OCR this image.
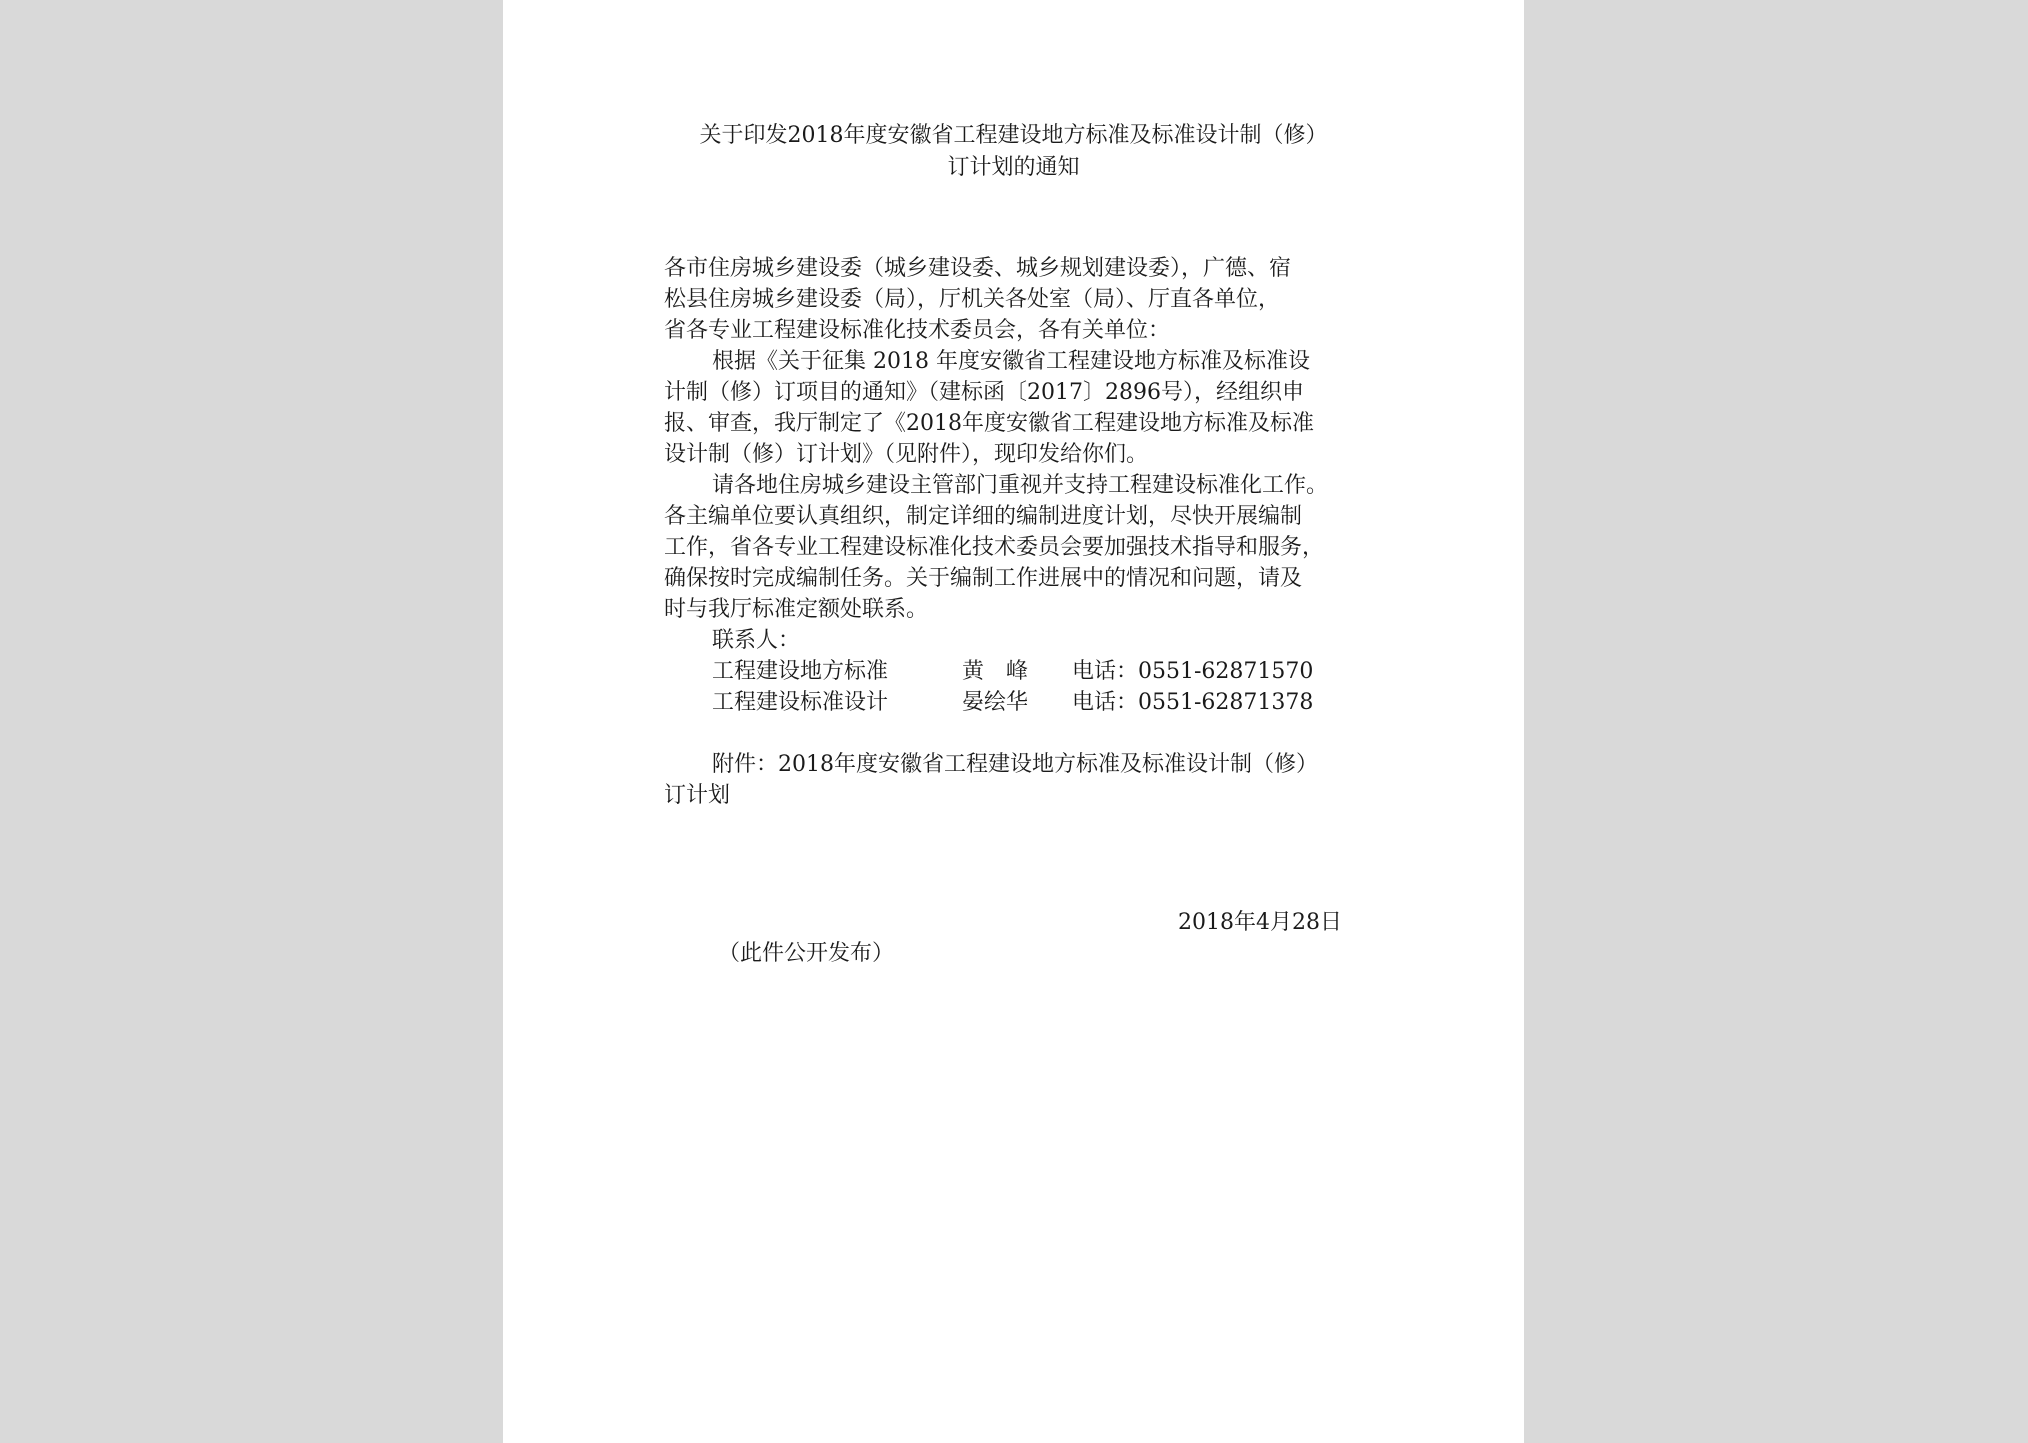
关于印发2018年度安徽省工程建设地方标准及标准设计制（修）
订计划的通知
各市住房城乡建设委（城乡建设委、城乡规划建设委），广德、宿
松县住房城乡建设委（局），厅机关各处室（局）、厅直各单位，
省各专业工程建设标准化技术委员会，各有关单位：
根据《关于征集 2018 年度安徽省工程建设地方标准及标准设
计制（修）订项目的通知》（建标函〔2017〕2896号），经组织申
报、审查，我厅制定了《2018年度安徽省工程建设地方标准及标准
设计制（修）订计划》（见附件），现印发给你们。
请各地住房城乡建设主管部门重视并支持工程建设标准化工作。
各主编单位要认真组织，制定详细的编制进度计划，尽快开展编制
工作，省各专业工程建设标准化技术委员会要加强技术指导和服务，
确保按时完成编制任务。关于编制工作进展中的情况和问题，请及
时与我厅标准定额处联系。
联系人：
工程建设地方标准	黄　峰 电话：0551-62871570
工程建设标准设计	晏绘华 电话：0551-62871378
附件：2018年度安徽省工程建设地方标准及标准设计制（修）
订计划
2018年4月28日
（此件公开发布）
